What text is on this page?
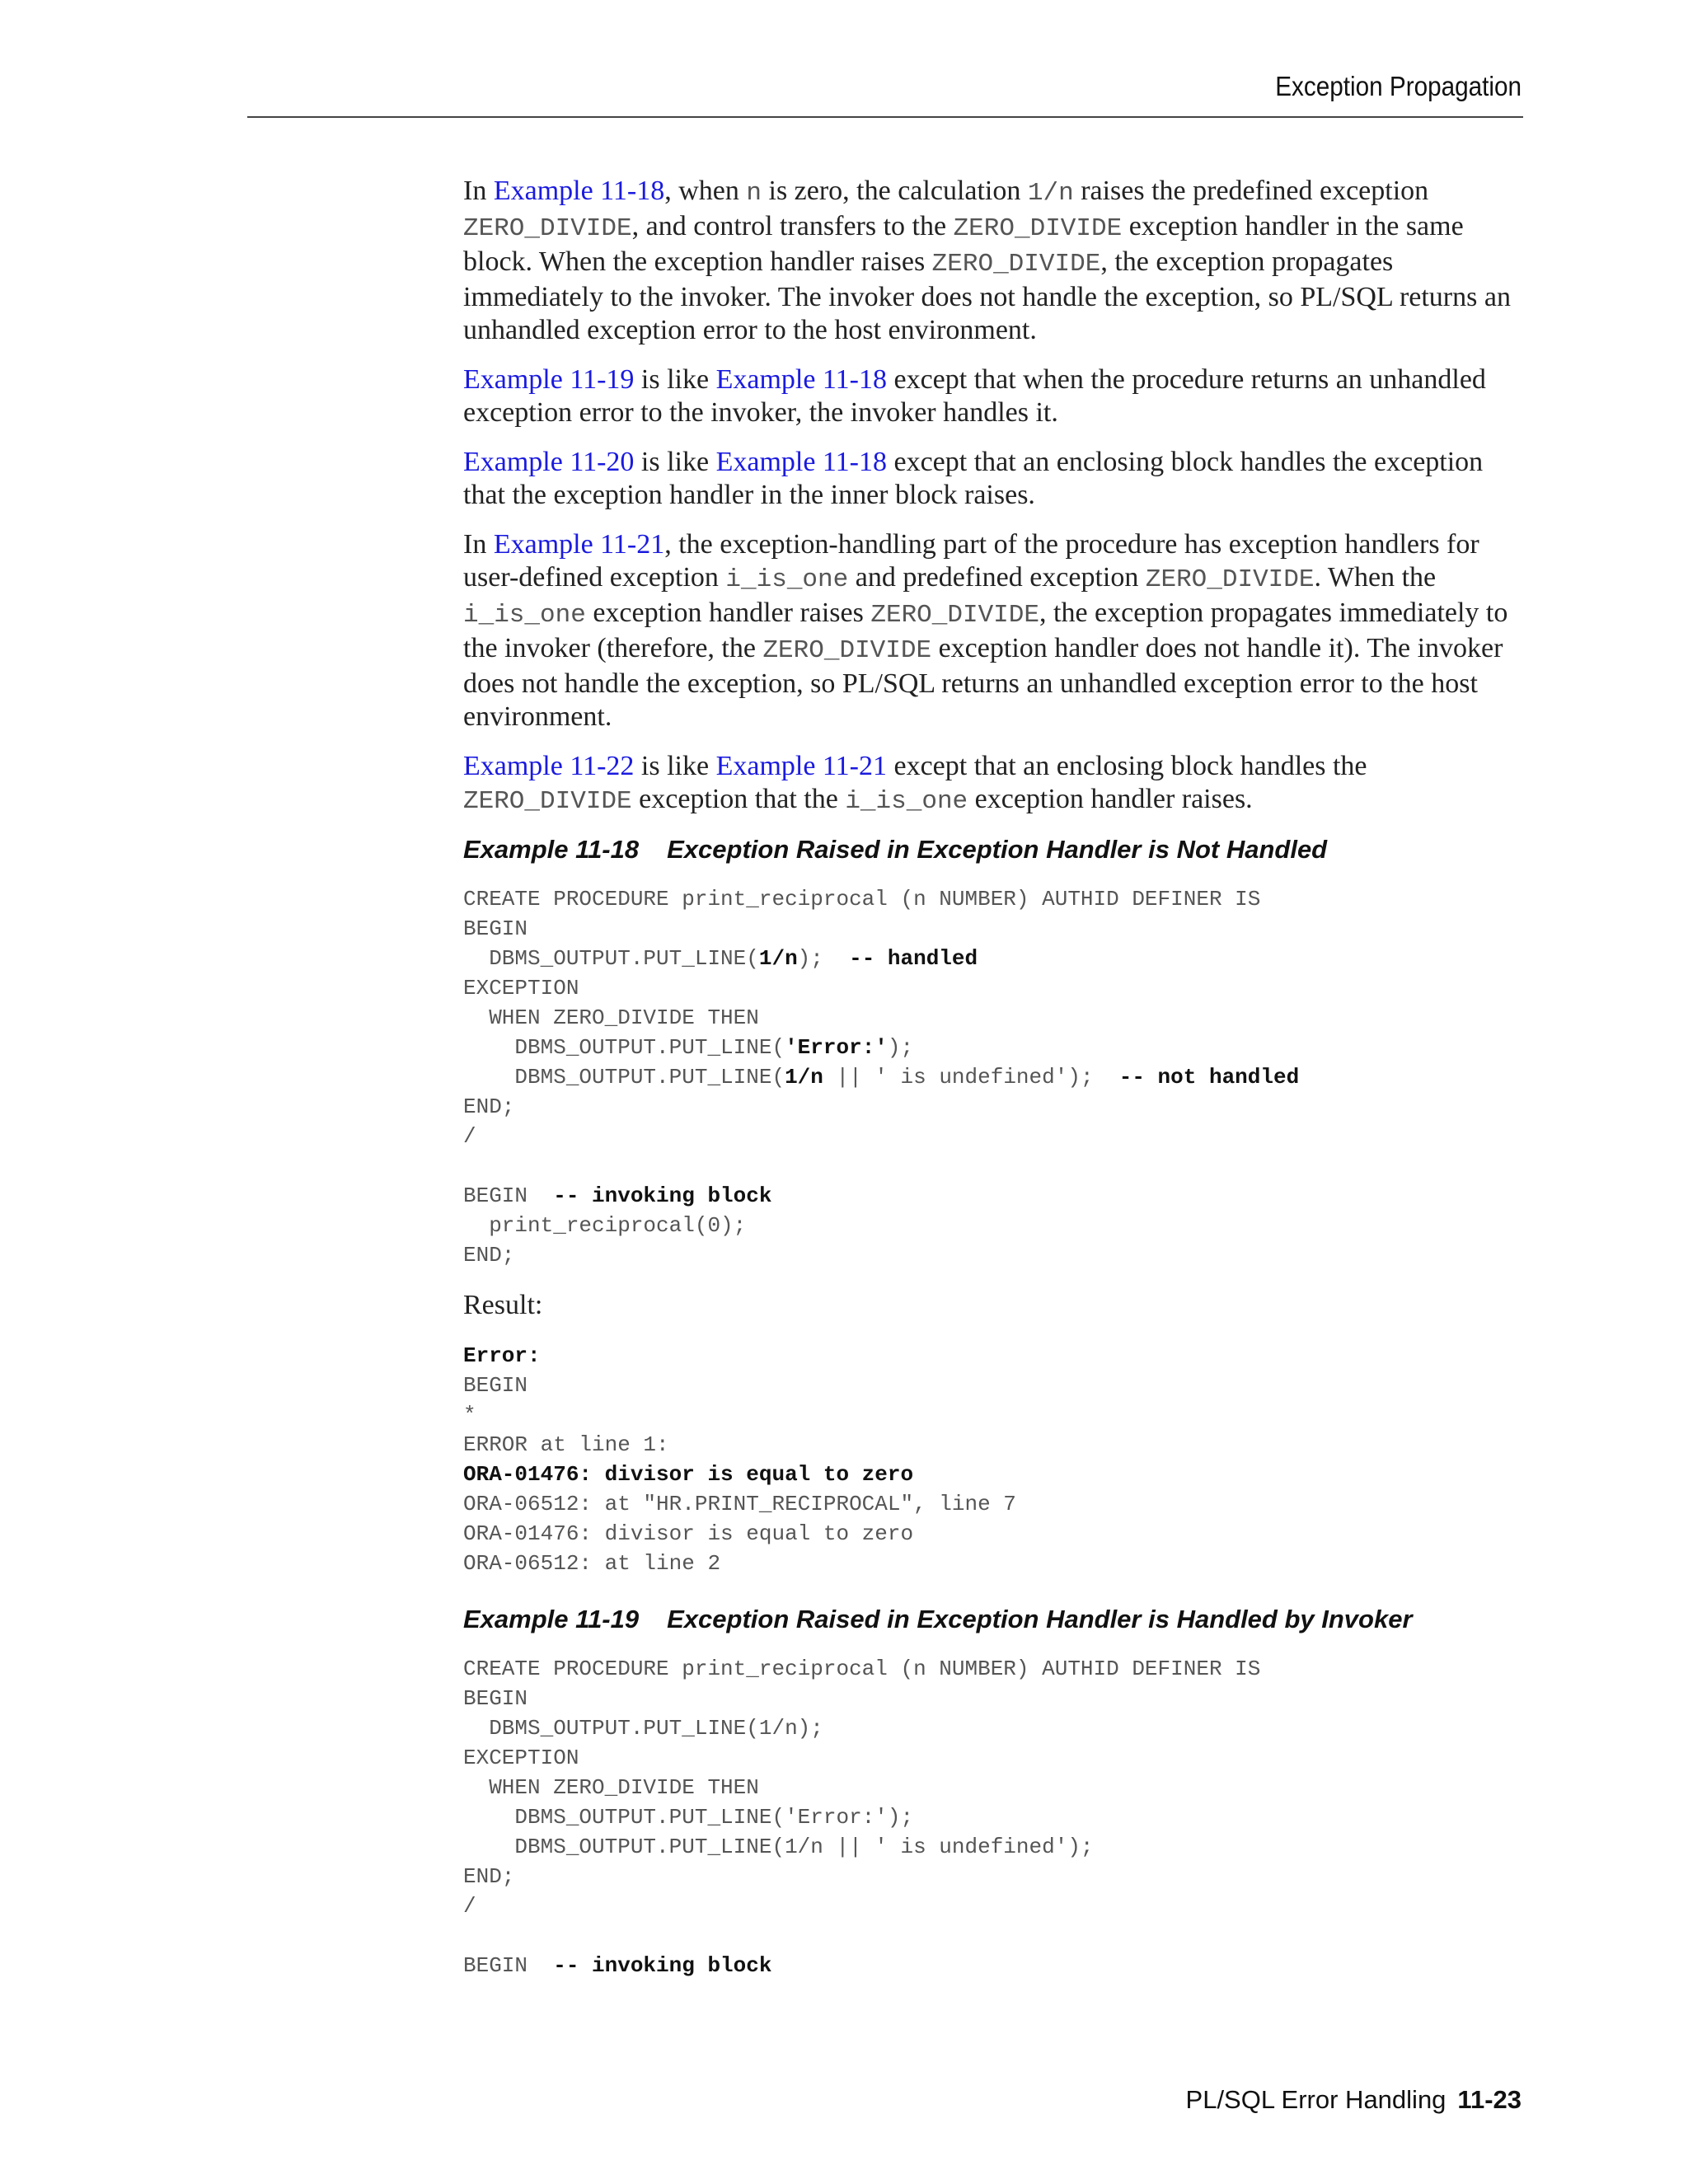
Exception Propagation

In Example 11-18, when n is zero, the calculation 1/n raises the predefined exception ZERO_DIVIDE, and control transfers to the ZERO_DIVIDE exception handler in the same block. When the exception handler raises ZERO_DIVIDE, the exception propagates immediately to the invoker. The invoker does not handle the exception, so PL/SQL returns an unhandled exception error to the host environment.

Example 11-19 is like Example 11-18 except that when the procedure returns an unhandled exception error to the invoker, the invoker handles it.

Example 11-20 is like Example 11-18 except that an enclosing block handles the exception that the exception handler in the inner block raises.

In Example 11-21, the exception-handling part of the procedure has exception handlers for user-defined exception i_is_one and predefined exception ZERO_DIVIDE. When the i_is_one exception handler raises ZERO_DIVIDE, the exception propagates immediately to the invoker (therefore, the ZERO_DIVIDE exception handler does not handle it). The invoker does not handle the exception, so PL/SQL returns an unhandled exception error to the host environment.

Example 11-22 is like Example 11-21 except that an enclosing block handles the ZERO_DIVIDE exception that the i_is_one exception handler raises.

Example 11-18 Exception Raised in Exception Handler is Not Handled
CREATE PROCEDURE print_reciprocal (n NUMBER) AUTHID DEFINER IS
BEGIN
DBMS_OUTPUT.PUT_LINE(1/n);  -- handled
EXCEPTION
WHEN ZERO_DIVIDE THEN
DBMS_OUTPUT.PUT_LINE('Error:');
DBMS_OUTPUT.PUT_LINE(1/n || ' is undefined');  -- not handled
END;
/

BEGIN  -- invoking block
print_reciprocal(0);
END;
Result:
Error:
BEGIN
*
ERROR at line 1:
ORA-01476: divisor is equal to zero
ORA-06512: at "HR.PRINT_RECIPROCAL", line 7
ORA-01476: divisor is equal to zero
ORA-06512: at line 2
Example 11-19 Exception Raised in Exception Handler is Handled by Invoker
CREATE PROCEDURE print_reciprocal (n NUMBER) AUTHID DEFINER IS
BEGIN
DBMS_OUTPUT.PUT_LINE(1/n);
EXCEPTION
WHEN ZERO_DIVIDE THEN
DBMS_OUTPUT.PUT_LINE('Error:');
DBMS_OUTPUT.PUT_LINE(1/n || ' is undefined');
END;
/

BEGIN  -- invoking block
PL/SQL Error Handling 11-23
